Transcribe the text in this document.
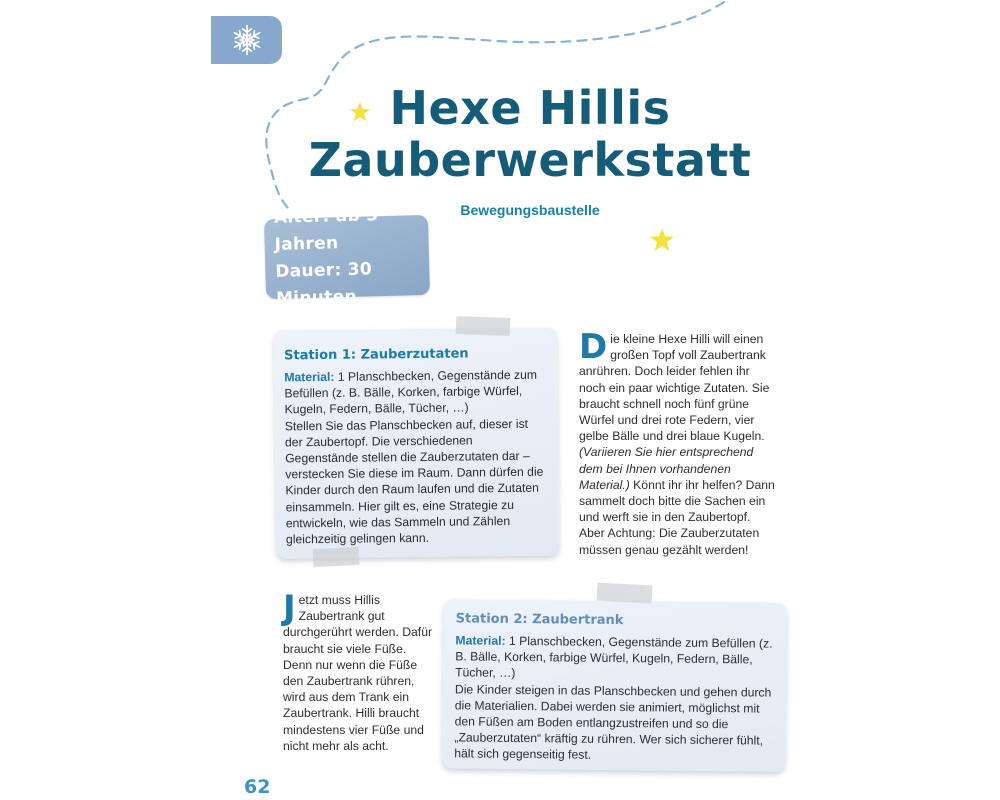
Hexe Hillis
Zauberwerkstatt
Bewegungsbaustelle
Alter: ab 3 Jahren
Dauer: 30 Minuten
Station 1: Zauberzutaten

Material: 1 Planschbecken, Gegenstände zum Befüllen (z. B. Bälle, Korken, farbige Würfel, Kugeln, Federn, Bälle, Tücher, …)

Stellen Sie das Planschbecken auf, dieser ist der Zaubertopf. Die verschiedenen Gegenstände stellen die Zauberzutaten dar – verstecken Sie diese im Raum. Dann dürfen die Kinder durch den Raum laufen und die Zutaten einsammeln. Hier gilt es, eine Strategie zu entwickeln, wie das Sammeln und Zählen gleichzeitig gelingen kann.

Die kleine Hexe Hilli will einen großen Topf voll Zaubertrank anrühren. Doch leider fehlen ihr noch ein paar wichtige Zutaten. Sie braucht schnell noch fünf grüne Würfel und drei rote Federn, vier gelbe Bälle und drei blaue Kugeln. (Variieren Sie hier entsprechend dem bei Ihnen vorhandenen Material.) Könnt ihr ihr helfen? Dann sammelt doch bitte die Sachen ein und werft sie in den Zaubertopf. Aber Achtung: Die Zauberzutaten müssen genau gezählt werden!
Jetzt muss Hillis Zaubertrank gut durchgerührt werden. Dafür braucht sie viele Füße. Denn nur wenn die Füße den Zaubertrank rühren, wird aus dem Trank ein Zaubertrank. Hilli braucht mindestens vier Füße und nicht mehr als acht.
Station 2: Zaubertrank

Material: 1 Planschbecken, Gegenstände zum Befüllen (z. B. Bälle, Korken, farbige Würfel, Kugeln, Federn, Bälle, Tücher, …)

Die Kinder steigen in das Planschbecken und gehen durch die Materialien. Dabei werden sie animiert, möglichst mit den Füßen am Boden entlangzustreifen und so die „Zauberzutaten“ kräftig zu rühren. Wer sich sicherer fühlt, hält sich gegenseitig fest.

62
